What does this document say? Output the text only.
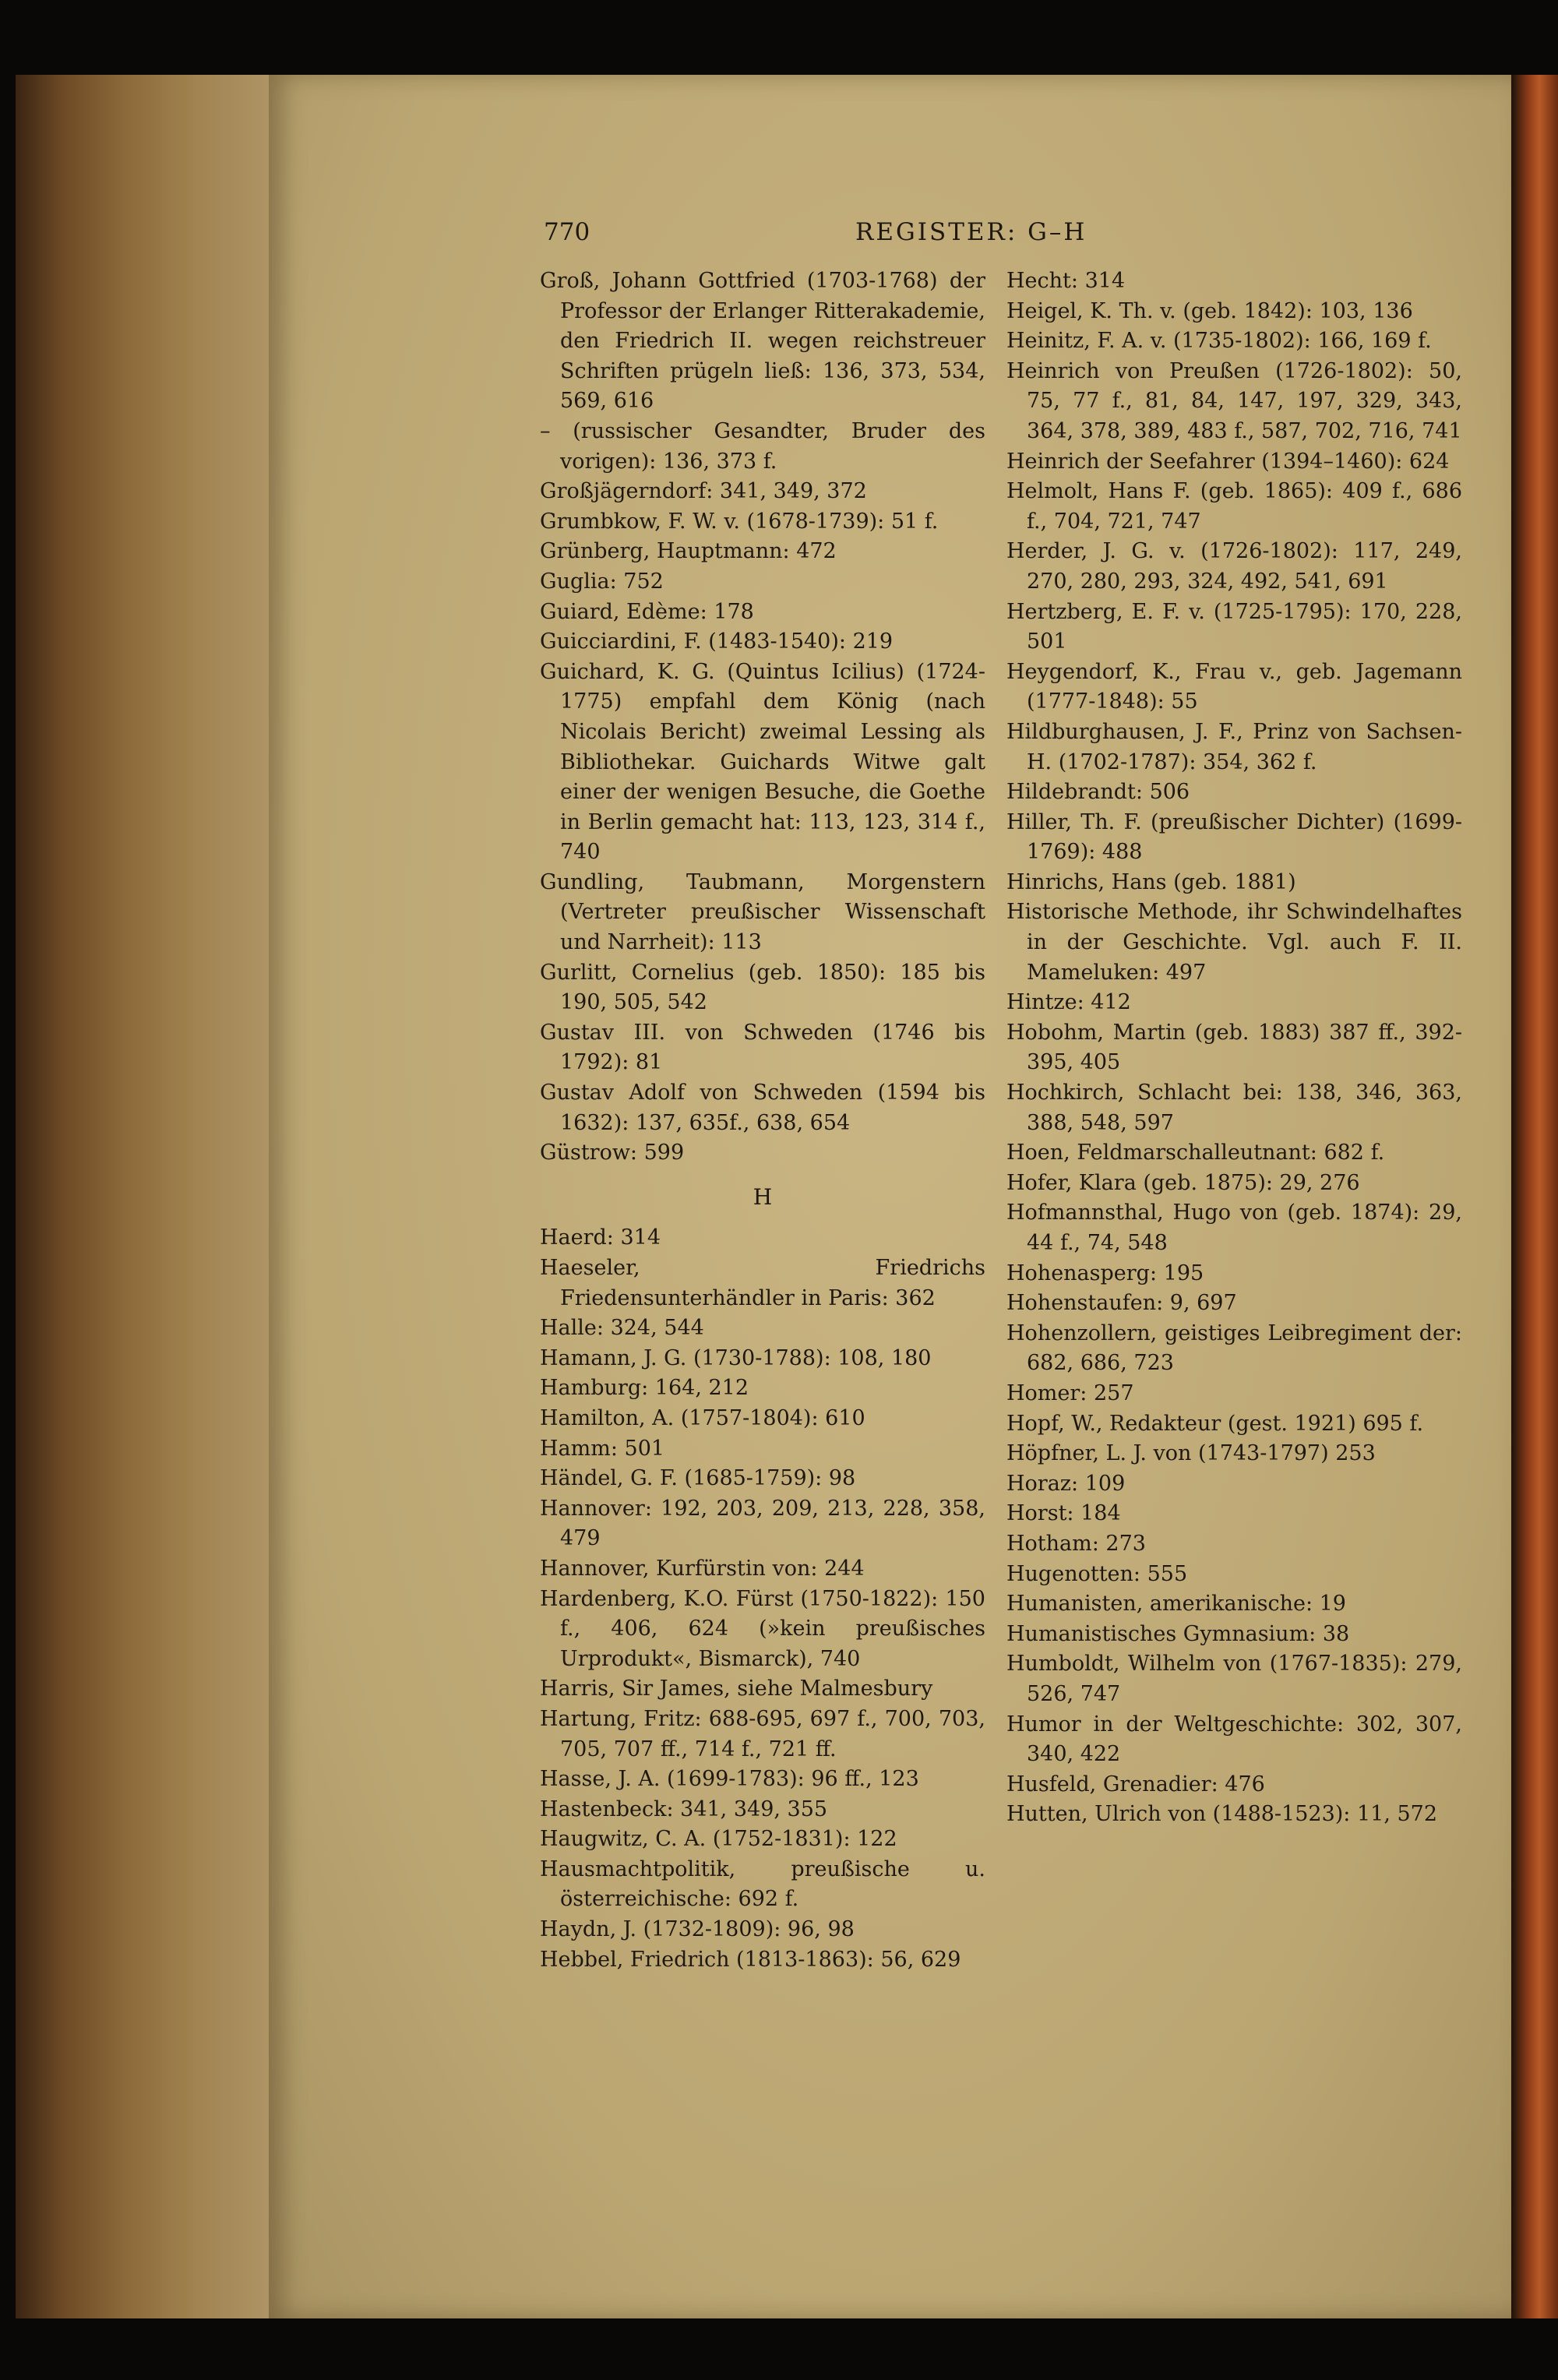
770	REGISTER: G–H

Groß, Johann Gottfried (1703-1768) der Professor der Erlanger Ritterakademie, den Friedrich II. wegen reichstreuer Schriften prügeln ließ: 136, 373, 534, 569, 616

– (russischer Gesandter, Bruder des vorigen): 136, 373 f.

Großjägerndorf: 341, 349, 372

Grumbkow, F. W. v. (1678-1739): 51 f.

Grünberg, Hauptmann: 472

Guglia: 752

Guiard, Edème: 178

Guicciardini, F. (1483-1540): 219

Guichard, K. G. (Quintus Icilius) (1724-1775) empfahl dem König (nach Nicolais Bericht) zweimal Lessing als Bibliothekar. Guichards Witwe galt einer der wenigen Besuche, die Goethe in Berlin gemacht hat: 113, 123, 314 f., 740

Gundling, Taubmann, Morgenstern (Vertreter preußischer Wissenschaft und Narrheit): 113

Gurlitt, Cornelius (geb. 1850): 185 bis 190, 505, 542

Gustav III. von Schweden (1746 bis 1792): 81

Gustav Adolf von Schweden (1594 bis 1632): 137, 635f., 638, 654

Güstrow: 599

H

Haerd: 314

Haeseler, Friedrichs Friedensunterhändler in Paris: 362

Halle: 324, 544

Hamann, J. G. (1730-1788): 108, 180

Hamburg: 164, 212

Hamilton, A. (1757-1804): 610

Hamm: 501

Händel, G. F. (1685-1759): 98

Hannover: 192, 203, 209, 213, 228, 358, 479

Hannover, Kurfürstin von: 244

Hardenberg, K.O. Fürst (1750-1822): 150 f., 406, 624 (»kein preußisches Urprodukt«, Bismarck), 740

Harris, Sir James, siehe Malmesbury

Hartung, Fritz: 688-695, 697 f., 700, 703, 705, 707 ff., 714 f., 721 ff.

Hasse, J. A. (1699-1783): 96 ff., 123

Hastenbeck: 341, 349, 355

Haugwitz, C. A. (1752-1831): 122

Hausmachtpolitik, preußische u. österreichische: 692 f.

Haydn, J. (1732-1809): 96, 98

Hebbel, Friedrich (1813-1863): 56, 629

Hecht: 314

Heigel, K. Th. v. (geb. 1842): 103, 136

Heinitz, F. A. v. (1735-1802): 166, 169 f.

Heinrich von Preußen (1726-1802): 50, 75, 77 f., 81, 84, 147, 197, 329, 343, 364, 378, 389, 483 f., 587, 702, 716, 741

Heinrich der Seefahrer (1394–1460): 624

Helmolt, Hans F. (geb. 1865): 409 f., 686 f., 704, 721, 747

Herder, J. G. v. (1726-1802): 117, 249, 270, 280, 293, 324, 492, 541, 691

Hertzberg, E. F. v. (1725-1795): 170, 228, 501

Heygendorf, K., Frau v., geb. Jagemann (1777-1848): 55

Hildburghausen, J. F., Prinz von Sachsen-H. (1702-1787): 354, 362 f.

Hildebrandt: 506

Hiller, Th. F. (preußischer Dichter) (1699-1769): 488

Hinrichs, Hans (geb. 1881)

Historische Methode, ihr Schwindelhaftes in der Geschichte. Vgl. auch F. II. Mameluken: 497

Hintze: 412

Hobohm, Martin (geb. 1883) 387 ff., 392-395, 405

Hochkirch, Schlacht bei: 138, 346, 363, 388, 548, 597

Hoen, Feldmarschalleutnant: 682 f.

Hofer, Klara (geb. 1875): 29, 276

Hofmannsthal, Hugo von (geb. 1874): 29, 44 f., 74, 548

Hohenasperg: 195

Hohenstaufen: 9, 697

Hohenzollern, geistiges Leibregiment der: 682, 686, 723

Homer: 257

Hopf, W., Redakteur (gest. 1921) 695 f.

Höpfner, L. J. von (1743-1797) 253

Horaz: 109

Horst: 184

Hotham: 273

Hugenotten: 555

Humanisten, amerikanische: 19

Humanistisches Gymnasium: 38

Humboldt, Wilhelm von (1767-1835): 279, 526, 747

Humor in der Weltgeschichte: 302, 307, 340, 422

Husfeld, Grenadier: 476

Hutten, Ulrich von (1488-1523): 11, 572
